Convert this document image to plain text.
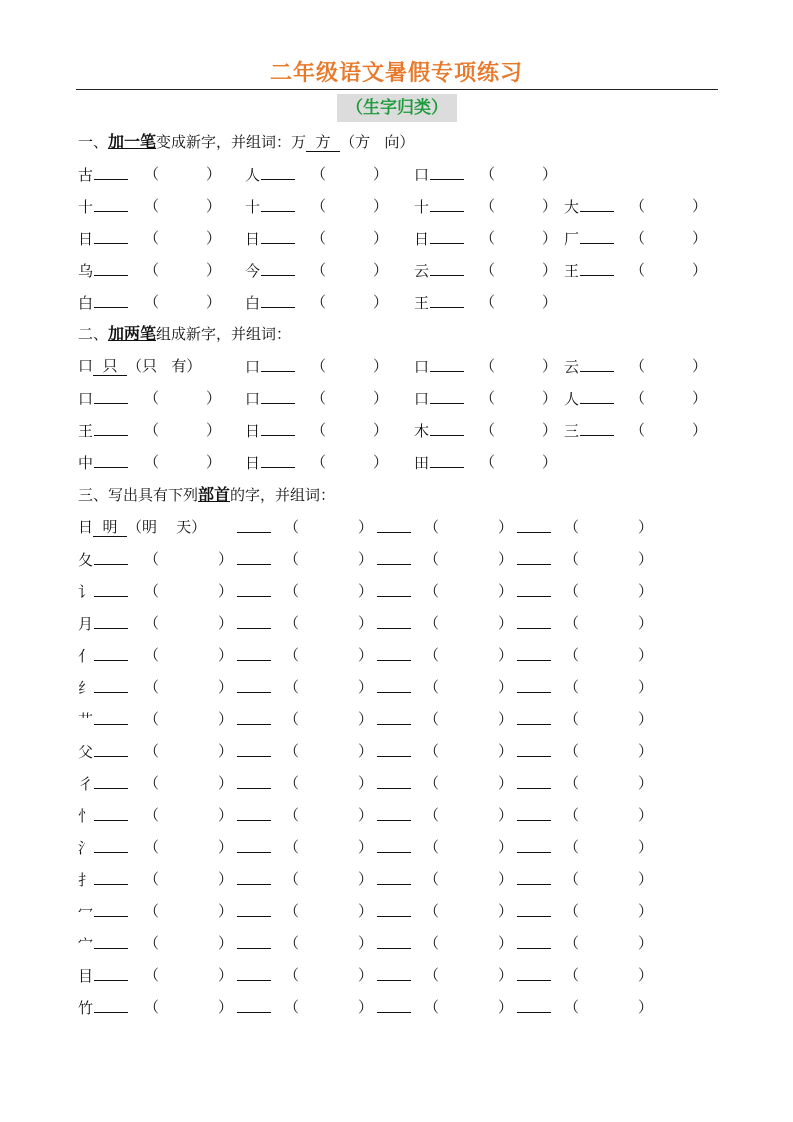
二年级语文暑假专项练习
（生字归类）
一、加一笔变成新字，并组词：万 方 （方 向）
古	（	） 人	（	） 口	（	）
十	（	） 十	（	） 十	（	） 大	（	）
日	（	） 日	（	） 日	（	） 厂	（	）
乌	（	） 今	（	） 云	（	） 王	（	）
白	（	） 白	（	） 王	（	）
二、加两笔组成新字，并组词：
口 只 （只 有）	口	（	） 口	（	） 云	（	）
口	（	） 口	（	） 口	（	） 人	（	）
王	（	） 日	（	） 木	（	） 三	（	）
中	（	） 日	（	） 田	（	）
三、写出具有下列部首的字，并组词：
日 明 （明 天）	（	）	（	）	（	）
夂	（	）	（	）	（	）	（	）
讠	（	）	（	）	（	）	（	）
月	（	）	（	）	（	）	（	）
亻	（	）	（	）	（	）	（	）
纟	（	）	（	）	（	）	（	）
艹	（	）	（	）	（	）	（	）
父	（	）	（	）	（	）	（	）
彳	（	）	（	）	（	）	（	）
忄	（	）	（	）	（	）	（	）
氵	（	）	（	）	（	）	（	）
扌	（	）	（	）	（	）	（	）
冖	（	）	（	）	（	）	（	）
宀	（	）	（	）	（	）	（	）
目	（	）	（	）	（	）	（	）
竹	（	）	（	）	（	）	（	）
